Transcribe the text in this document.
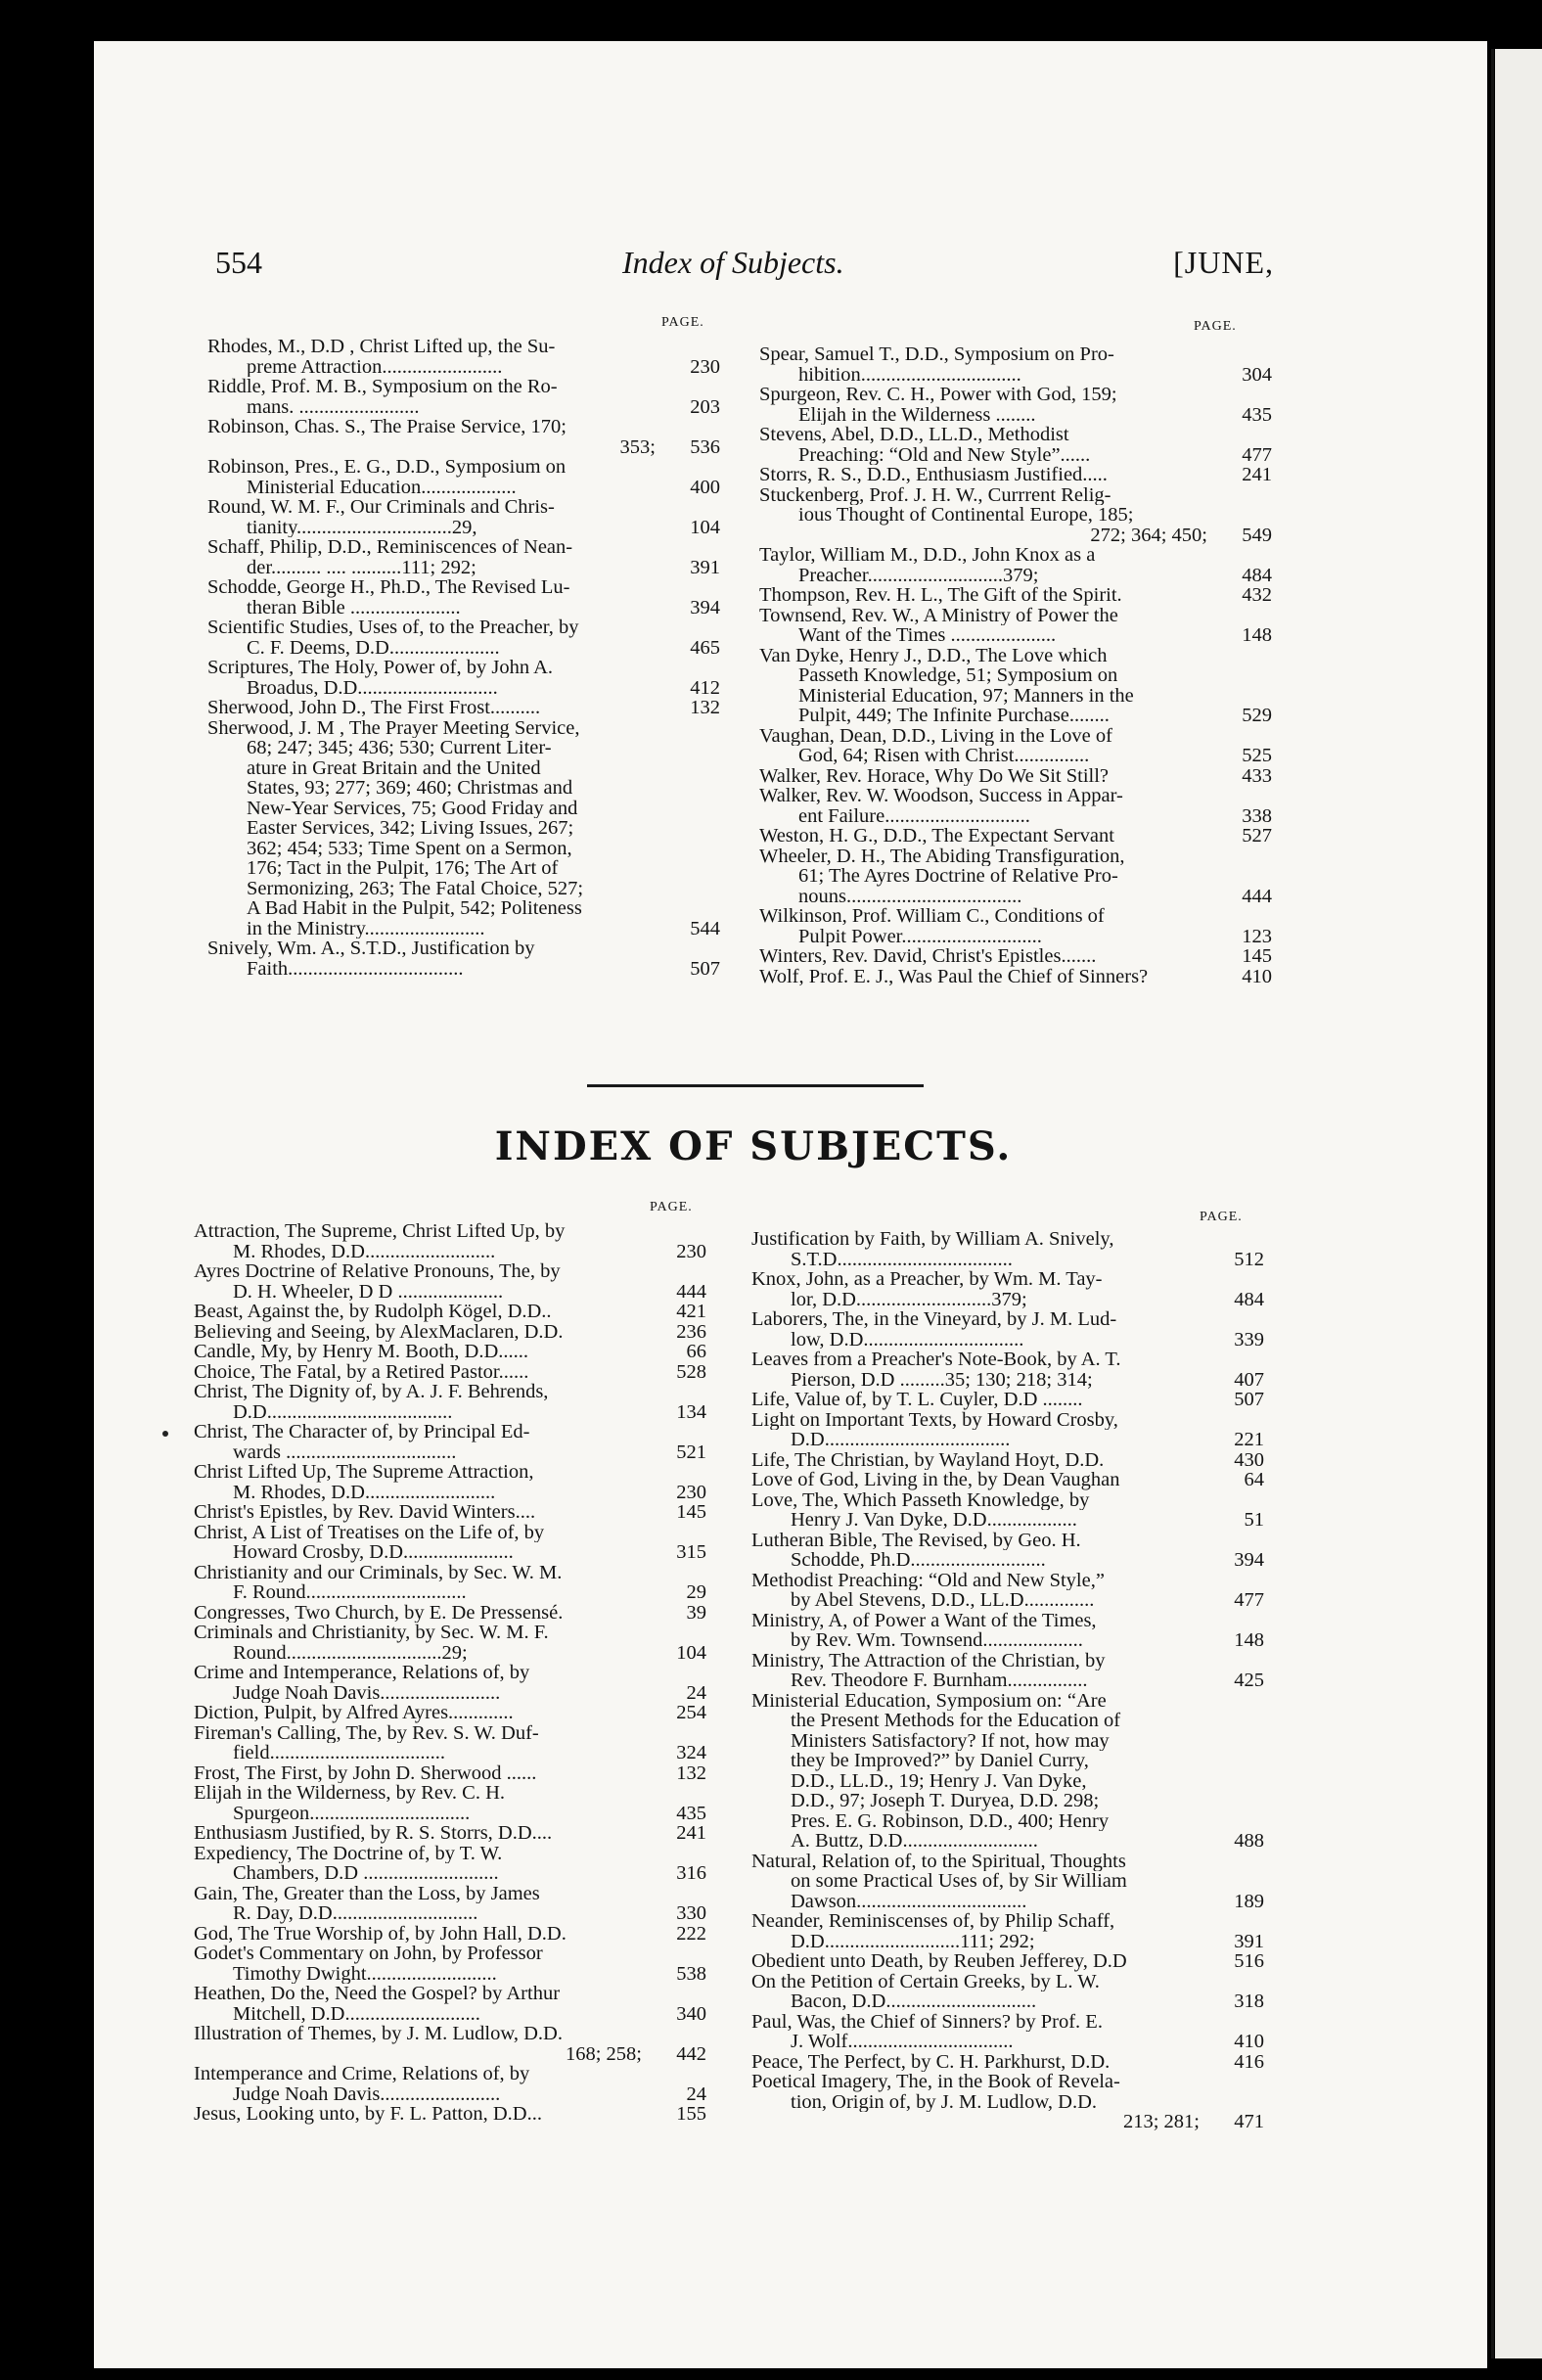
554	Index of Subjects.	[JUNE,
PAGE.	PAGE.
Rhodes, M., D.D , Christ Lifted up, the Su-
preme Attraction........................	230
Riddle, Prof. M. B., Symposium on the Ro-
mans. ........................	203
Robinson, Chas. S., The Praise Service, 170;
353;	536
Robinson, Pres., E. G., D.D., Symposium on
Ministerial Education...................	400
Round, W. M. F., Our Criminals and Chris-
tianity...............................29,	104
Schaff, Philip, D.D., Reminiscences of Nean-
der.......... .... ..........111; 292;	391
Schodde, George H., Ph.D., The Revised Lu-
theran Bible ......................	394
Scientific Studies, Uses of, to the Preacher, by
C. F. Deems, D.D......................	465
Scriptures, The Holy, Power of, by John A.
Broadus, D.D............................	412
Sherwood, John D., The First Frost..........	132
Sherwood, J. M , The Prayer Meeting Service,
68; 247; 345; 436; 530; Current Liter-
ature in Great Britain and the United
States, 93; 277; 369; 460; Christmas and
New-Year Services, 75; Good Friday and
Easter Services, 342; Living Issues, 267;
362; 454; 533; Time Spent on a Sermon,
176; Tact in the Pulpit, 176; The Art of
Sermonizing, 263; The Fatal Choice, 527;
A Bad Habit in the Pulpit, 542; Politeness
in the Ministry........................	544
Snively, Wm. A., S.T.D., Justification by
Faith...................................	507
Spear, Samuel T., D.D., Symposium on Pro-
hibition................................	304
Spurgeon, Rev. C. H., Power with God, 159;
Elijah in the Wilderness ........	435
Stevens, Abel, D.D., LL.D., Methodist
Preaching: “Old and New Style”......	477
Storrs, R. S., D.D., Enthusiasm Justified.....	241
Stuckenberg, Prof. J. H. W., Currrent Relig-
ious Thought of Continental Europe, 185;
272; 364; 450;	549
Taylor, William M., D.D., John Knox as a
Preacher...........................379;	484
Thompson, Rev. H. L., The Gift of the Spirit.	432
Townsend, Rev. W., A Ministry of Power the
Want of the Times .....................	148
Van Dyke, Henry J., D.D., The Love which
Passeth Knowledge, 51; Symposium on
Ministerial Education, 97; Manners in the
Pulpit, 449; The Infinite Purchase........	529
Vaughan, Dean, D.D., Living in the Love of
God, 64; Risen with Christ...............	525
Walker, Rev. Horace, Why Do We Sit Still?	433
Walker, Rev. W. Woodson, Success in Appar-
ent Failure.............................	338
Weston, H. G., D.D., The Expectant Servant	527
Wheeler, D. H., The Abiding Transfiguration,
61; The Ayres Doctrine of Relative Pro-
nouns...................................	444
Wilkinson, Prof. William C., Conditions of
Pulpit Power............................	123
Winters, Rev. David, Christ's Epistles.......	145
Wolf, Prof. E. J., Was Paul the Chief of Sinners?	410
INDEX OF SUBJECTS.
PAGE.
PAGE.
Attraction, The Supreme, Christ Lifted Up, by
M. Rhodes, D.D..........................	230
Ayres Doctrine of Relative Pronouns, The, by
D. H. Wheeler, D D .....................	444
Beast, Against the, by Rudolph Kögel, D.D..	421
Believing and Seeing, by AlexMaclaren, D.D.	236
Candle, My, by Henry M. Booth, D.D......	66
Choice, The Fatal, by a Retired Pastor......	528
Christ, The Dignity of, by A. J. F. Behrends,
D.D.....................................	134
Christ, The Character of, by Principal Ed-
wards ..................................	521
Christ Lifted Up, The Supreme Attraction,
M. Rhodes, D.D..........................	230
Christ's Epistles, by Rev. David Winters....	145
Christ, A List of Treatises on the Life of, by
Howard Crosby, D.D......................	315
Christianity and our Criminals, by Sec. W. M.
F. Round................................	29
Congresses, Two Church, by E. De Pressensé.	39
Criminals and Christianity, by Sec. W. M. F.
Round...............................29;	104
Crime and Intemperance, Relations of, by
Judge Noah Davis........................	24
Diction, Pulpit, by Alfred Ayres.............	254
Fireman's Calling, The, by Rev. S. W. Duf-
field...................................	324
Frost, The First, by John D. Sherwood ......	132
Elijah in the Wilderness, by Rev. C. H.
Spurgeon................................	435
Enthusiasm Justified, by R. S. Storrs, D.D....	241
Expediency, The Doctrine of, by T. W.
Chambers, D.D ...........................	316
Gain, The, Greater than the Loss, by James
R. Day, D.D.............................	330
God, The True Worship of, by John Hall, D.D.	222
Godet's Commentary on John, by Professor
Timothy Dwight..........................	538
Heathen, Do the, Need the Gospel? by Arthur
Mitchell, D.D...........................	340
Illustration of Themes, by J. M. Ludlow, D.D.
168; 258;	442
Intemperance and Crime, Relations of, by
Judge Noah Davis........................	24
Jesus, Looking unto, by F. L. Patton, D.D...	155
Justification by Faith, by William A. Snively,
S.T.D...................................	512
Knox, John, as a Preacher, by Wm. M. Tay-
lor, D.D...........................379;	484
Laborers, The, in the Vineyard, by J. M. Lud-
low, D.D................................	339
Leaves from a Preacher's Note-Book, by A. T.
Pierson, D.D .........35; 130; 218; 314;	407
Life, Value of, by T. L. Cuyler, D.D ........	507
Light on Important Texts, by Howard Crosby,
D.D.....................................	221
Life, The Christian, by Wayland Hoyt, D.D.	430
Love of God, Living in the, by Dean Vaughan	64
Love, The, Which Passeth Knowledge, by
Henry J. Van Dyke, D.D..................	51
Lutheran Bible, The Revised, by Geo. H.
Schodde, Ph.D...........................	394
Methodist Preaching: “Old and New Style,”
by Abel Stevens, D.D., LL.D..............	477
Ministry, A, of Power a Want of the Times,
by Rev. Wm. Townsend....................	148
Ministry, The Attraction of the Christian, by
Rev. Theodore F. Burnham................	425
Ministerial Education, Symposium on: “Are
the Present Methods for the Education of
Ministers Satisfactory? If not, how may
they be Improved?” by Daniel Curry,
D.D., LL.D., 19; Henry J. Van Dyke,
D.D., 97; Joseph T. Duryea, D.D. 298;
Pres. E. G. Robinson, D.D., 400; Henry
A. Buttz, D.D...........................	488
Natural, Relation of, to the Spiritual, Thoughts
on some Practical Uses of, by Sir William
Dawson..................................	189
Neander, Reminiscenses of, by Philip Schaff,
D.D...........................111; 292;	391
Obedient unto Death, by Reuben Jefferey, D.D	516
On the Petition of Certain Greeks, by L. W.
Bacon, D.D..............................	318
Paul, Was, the Chief of Sinners? by Prof. E.
J. Wolf.................................	410
Peace, The Perfect, by C. H. Parkhurst, D.D.	416
Poetical Imagery, The, in the Book of Revela-
tion, Origin of, by J. M. Ludlow, D.D.
213; 281;	471
